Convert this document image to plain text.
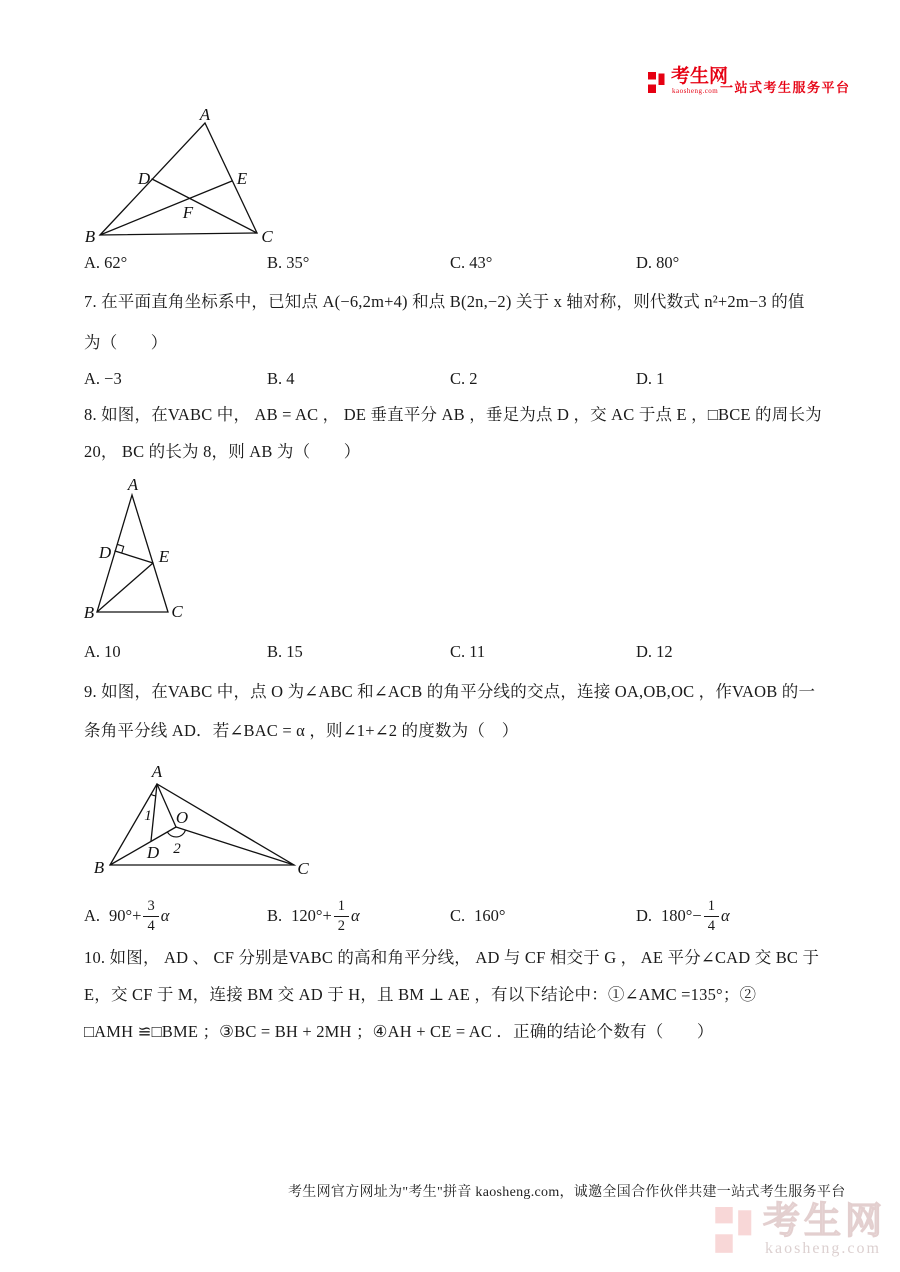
考生网
kaosheng.com 一站式考生服务平台
A
B	C
D	E
F
A. 62°	B. 35°	C. 43°	D. 80°
7. 在平面直角坐标系中，已知点 A(−6,2m+4) 和点 B(2n,−2) 关于 x 轴对称，则代数式 n²+2m−3 的值
为（　　）
A. −3	B. 4	C. 2	D. 1
8. 如图，在VABC 中， AB = AC ， DE 垂直平分 AB ，垂足为点 D ，交 AC 于点 E ，□BCE 的周长为
20， BC 的长为 8，则 AB 为（　　）
A
B	C
D	E
A. 10	B. 15	C. 11	D. 12
9. 如图，在VABC 中，点 O 为∠ABC 和∠ACB 的角平分线的交点，连接 OA,OB,OC ，作VAOB 的一
条角平分线 AD．若∠BAC = α ，则∠1+∠2 的度数为（　）
A
B	C
D
O
1
2
A. $90^\circ+ \frac{3}{4}$ α	B. $120^\circ+ \frac{1}{2}$ α	C. 160°	D. $180^\circ- \frac{1}{4}$ α
10. 如图， AD 、 CF 分别是VABC 的高和角平分线， AD 与 CF 相交于 G ， AE 平分∠CAD 交 BC 于
E，交 CF 于 M，连接 BM 交 AD 于 H，且 BM ⊥ AE ，有以下结论中：①∠AMC =135°；②
□AMH ≌□BME ；③BC = BH + 2MH ；④AH + CE = AC ．正确的结论个数有（　　）
考生网官方网址为"考生"拼音 kaosheng.com，诚邀全国合作伙伴共建一站式考生服务平台
考生网
kaosheng.com
